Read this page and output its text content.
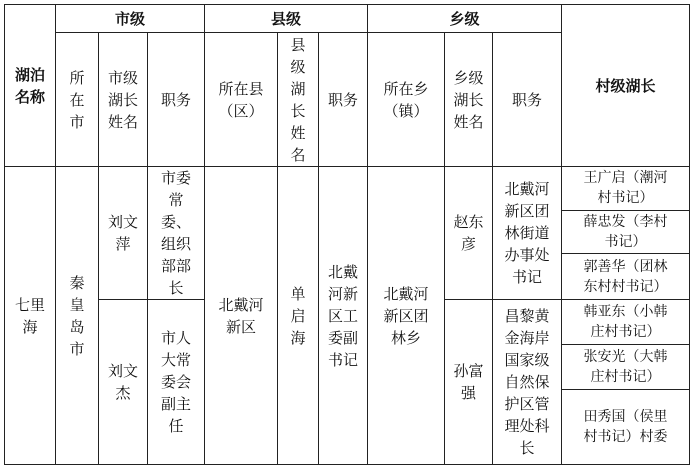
湖泊名称	市级			县级			乡级			村级湖长
	所在市	市级湖长姓名	职务	所在县（区）	县级湖长姓名	职务	所在乡（镇）	乡级湖长姓名	职务	
七里海	秦皇岛市	刘文萍	市委常委、组织部部长	北戴河新区	单启海	北戴河新区工委副书记	北戴河新区团林乡	赵东彦	北戴河新区团林街道办事处书记	王广启（潮河村书记）
										薛忠发（李村书记）
										郭善华（团林东村村书记）
		刘文杰	市人大常委会副主任					孙富强	昌黎黄金海岸国家级自然保护区管理处科长	韩亚东（小韩庄村书记）
										张安光（大韩庄村书记）
										田秀国（侯里村书记）村委
